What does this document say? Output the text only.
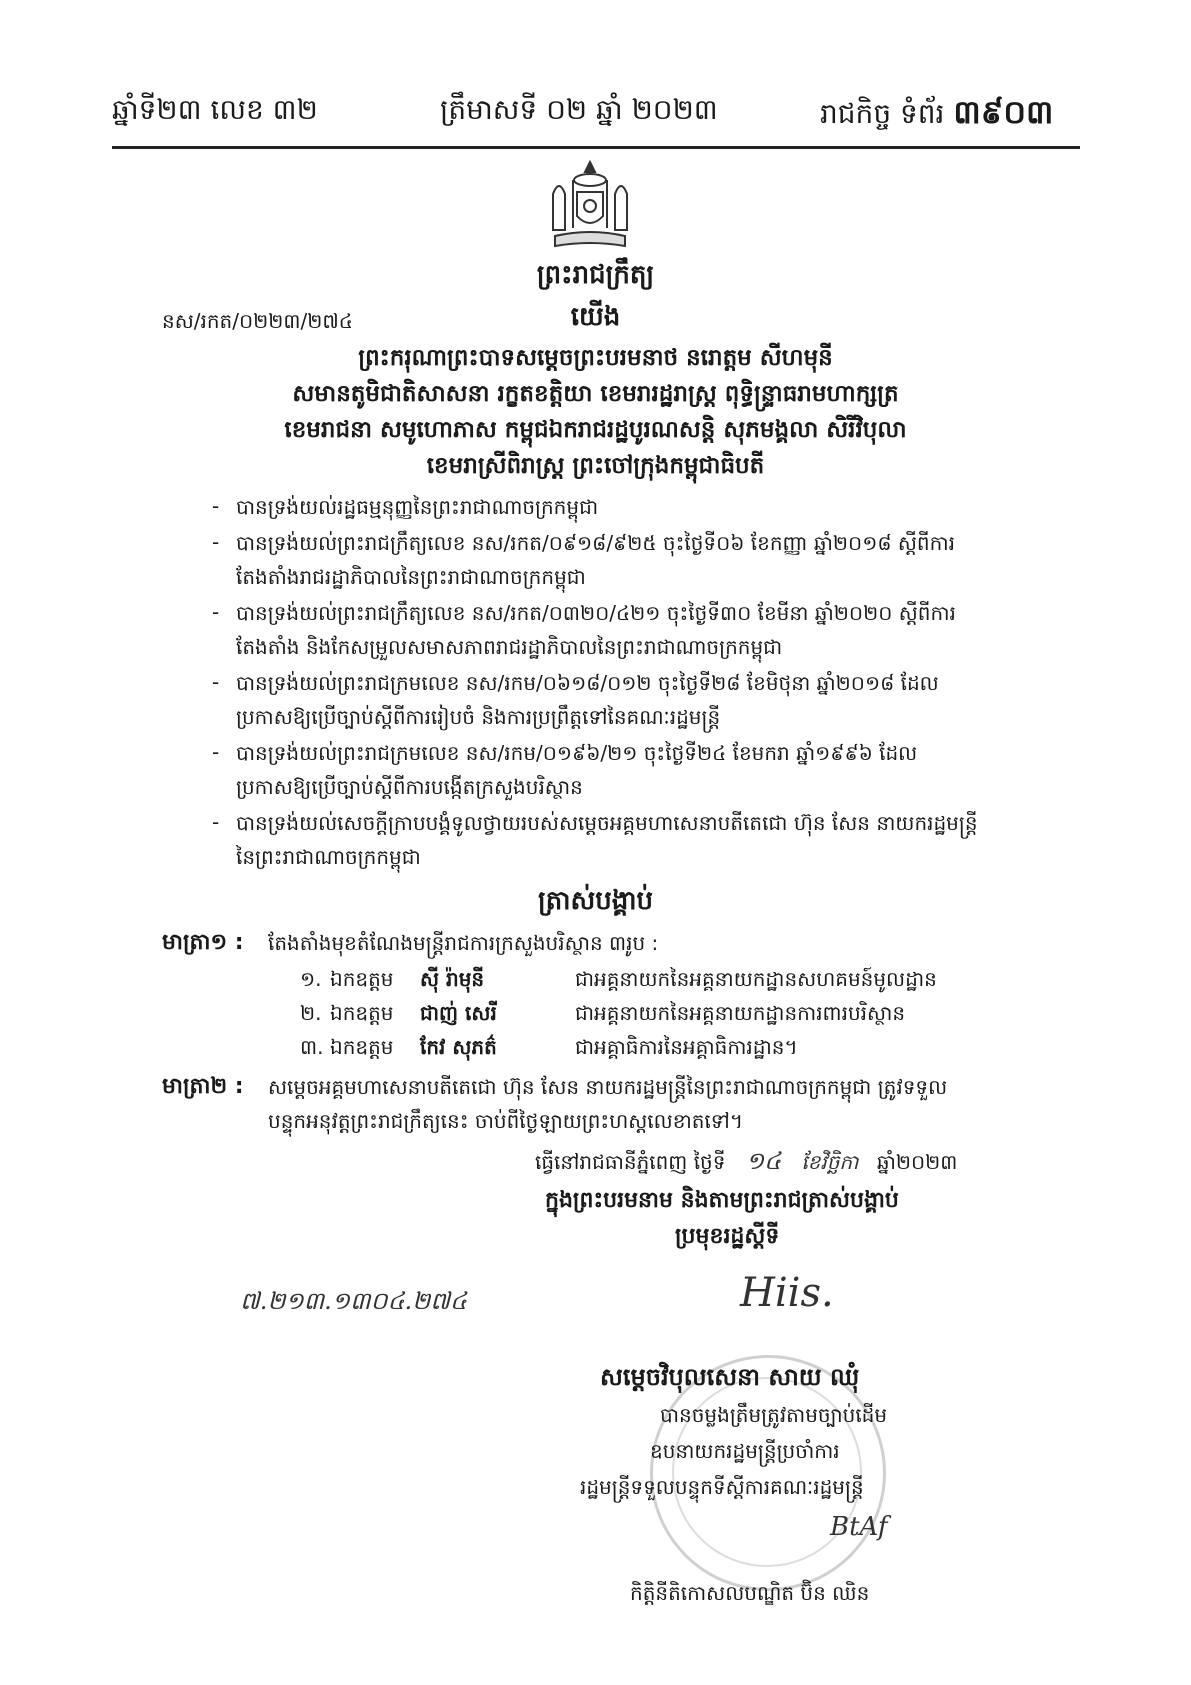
ឆ្នាំទី២៣ លេខ ៣២	ត្រឹមាសទី ០២ ឆ្នាំ ២០២៣	រាជកិច្ច ទំព័រ ៣៩០៣
ព្រះរាជក្រឹត្យ
នស/រកត/០២២៣/២៧៤	យើង
ព្រះករុណាព្រះបាទសម្តេចព្រះបរមនាថ នរោត្តម សីហមុនី
សមានតូមិជាតិសាសនា រក្ខតខត្តិយា ខេមរារដ្ឋរាស្ត្រ ពុទ្ធិន្ទ្រាធរាមហាក្សត្រ
ខេមរាជនា សមូហោភាស កម្ពុជឯករាជរដ្ឋបូរណសន្តិ សុភមង្គលា សិរីវិបុលា
ខេមរាស្រីពិរាស្ត្រ ព្រះចៅក្រុងកម្ពុជាធិបតី
- បានទ្រង់យល់រដ្ឋធម្មនុញ្ញនៃព្រះរាជាណាចក្រកម្ពុជា
- បានទ្រង់យល់ព្រះរាជក្រឹត្យលេខ នស/រកត/០៩១៨/៩២៥ ចុះថ្ងៃទី០៦ ខែកញ្ញា ឆ្នាំ២០១៨ ស្តីពីការ
តែងតាំងរាជរដ្ឋាភិបាលនៃព្រះរាជាណាចក្រកម្ពុជា
- បានទ្រង់យល់ព្រះរាជក្រឹត្យលេខ នស/រកត/០៣២០/៤២១ ចុះថ្ងៃទី៣០ ខែមីនា ឆ្នាំ២០២០ ស្តីពីការ
តែងតាំង និងកែសម្រួលសមាសភាពរាជរដ្ឋាភិបាលនៃព្រះរាជាណាចក្រកម្ពុជា
- បានទ្រង់យល់ព្រះរាជក្រមលេខ នស/រកម/០៦១៨/០១២ ចុះថ្ងៃទី២៨ ខែមិថុនា ឆ្នាំ២០១៨ ដែល
ប្រកាសឱ្យប្រើច្បាប់ស្តីពីការរៀបចំ និងការប្រព្រឹត្តទៅនៃគណៈរដ្ឋមន្ត្រី
- បានទ្រង់យល់ព្រះរាជក្រមលេខ នស/រកម/០១៩៦/២១ ចុះថ្ងៃទី២៤ ខែមករា ឆ្នាំ១៩៩៦ ដែល
ប្រកាសឱ្យប្រើច្បាប់ស្តីពីការបង្កើតក្រសួងបរិស្ថាន
- បានទ្រង់យល់សេចក្តីក្រាបបង្គំទូលថ្វាយរបស់សម្តេចអគ្គមហាសេនាបតីតេជោ ហ៊ុន សែន នាយករដ្ឋមន្ត្រី
នៃព្រះរាជាណាចក្រកម្ពុជា
ត្រាស់បង្គាប់
មាត្រា១ : តែងតាំងមុខតំណែងមន្ត្រីរាជការក្រសួងបរិស្ថាន ៣រូប :
១. ឯកឧត្តម ស៊ី រ៉ាមុនី	ជាអគ្គនាយកនៃអគ្គនាយកដ្ឋានសហគមន៍មូលដ្ឋាន
២. ឯកឧត្តម ជាញ់ សេរី	ជាអគ្គនាយកនៃអគ្គនាយកដ្ឋានការពារបរិស្ថាន
៣. ឯកឧត្តម កែវ សុភត៌	ជាអគ្គាធិការនៃអគ្គាធិការដ្ឋាន។
មាត្រា២ : សម្តេចអគ្គមហាសេនាបតីតេជោ ហ៊ុន សែន នាយករដ្ឋមន្ត្រីនៃព្រះរាជាណាចក្រកម្ពុជា ត្រូវទទួល
បន្ទុកអនុវត្តព្រះរាជក្រឹត្យនេះ ចាប់ពីថ្ងៃឡាយព្រះហស្តលេខាតទៅ។
ធ្វើនៅរាជធានីភ្នំពេញ ថ្ងៃទី ១៤ ខែវិច្ឆិកា ឆ្នាំ២០២៣
ក្នុងព្រះបរមនាម និងតាមព្រះរាជត្រាស់បង្គាប់
ប្រមុខរដ្ឋស្តីទី
៧.២១៣.១៣០៤.២៧៤	Hiis.
សម្តេចវិបុលសេនា សាយ ឈុំ
បានចម្លងត្រឹមត្រូវតាមច្បាប់ដើម
ឧបនាយករដ្ឋមន្ត្រីប្រចាំការ
រដ្ឋមន្ត្រីទទួលបន្ទុកទីស្តីការគណៈរដ្ឋមន្ត្រី
BtAf
កិត្តិនីតិកោសលបណ្ឌិត ប៊ិន ឈិន
